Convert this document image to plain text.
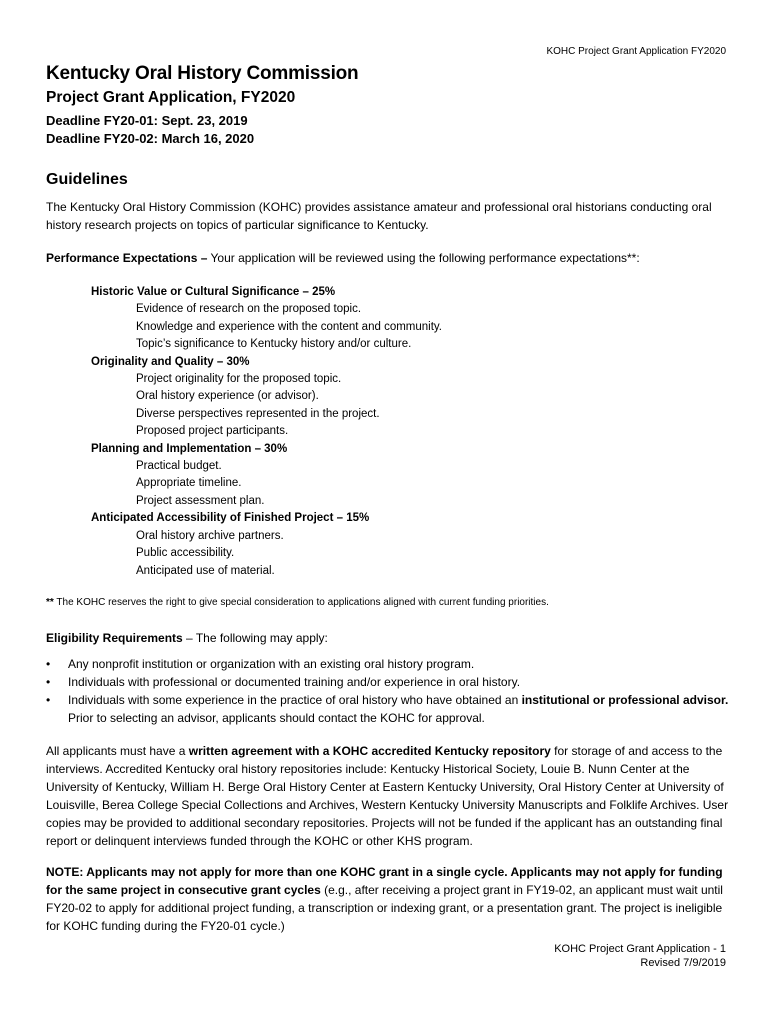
KOHC Project Grant Application FY2020
Kentucky Oral History Commission
Project Grant Application, FY2020
Deadline FY20-01: Sept. 23, 2019
Deadline FY20-02: March 16, 2020
Guidelines
The Kentucky Oral History Commission (KOHC) provides assistance amateur and professional oral historians conducting oral history research projects on topics of particular significance to Kentucky.
Performance Expectations – Your application will be reviewed using the following performance expectations**:
Historic Value or Cultural Significance – 25%
Evidence of research on the proposed topic.
Knowledge and experience with the content and community.
Topic’s significance to Kentucky history and/or culture.
Originality and Quality – 30%
Project originality for the proposed topic.
Oral history experience (or advisor).
Diverse perspectives represented in the project.
Proposed project participants.
Planning and Implementation – 30%
Practical budget.
Appropriate timeline.
Project assessment plan.
Anticipated Accessibility of Finished Project – 15%
Oral history archive partners.
Public accessibility.
Anticipated use of material.
** The KOHC reserves the right to give special consideration to applications aligned with current funding priorities.
Eligibility Requirements – The following may apply:
• Any nonprofit institution or organization with an existing oral history program.
• Individuals with professional or documented training and/or experience in oral history.
• Individuals with some experience in the practice of oral history who have obtained an institutional or professional advisor. Prior to selecting an advisor, applicants should contact the KOHC for approval.
All applicants must have a written agreement with a KOHC accredited Kentucky repository for storage of and access to the interviews. Accredited Kentucky oral history repositories include: Kentucky Historical Society, Louie B. Nunn Center at the University of Kentucky, William H. Berge Oral History Center at Eastern Kentucky University, Oral History Center at University of Louisville, Berea College Special Collections and Archives, Western Kentucky University Manuscripts and Folklife Archives. User copies may be provided to additional secondary repositories. Projects will not be funded if the applicant has an outstanding final report or delinquent interviews funded through the KOHC or other KHS program.
NOTE: Applicants may not apply for more than one KOHC grant in a single cycle. Applicants may not apply for funding for the same project in consecutive grant cycles (e.g., after receiving a project grant in FY19-02, an applicant must wait until FY20-02 to apply for additional project funding, a transcription or indexing grant, or a presentation grant. The project is ineligible for KOHC funding during the FY20-01 cycle.)
KOHC Project Grant Application - 1
Revised 7/9/2019
